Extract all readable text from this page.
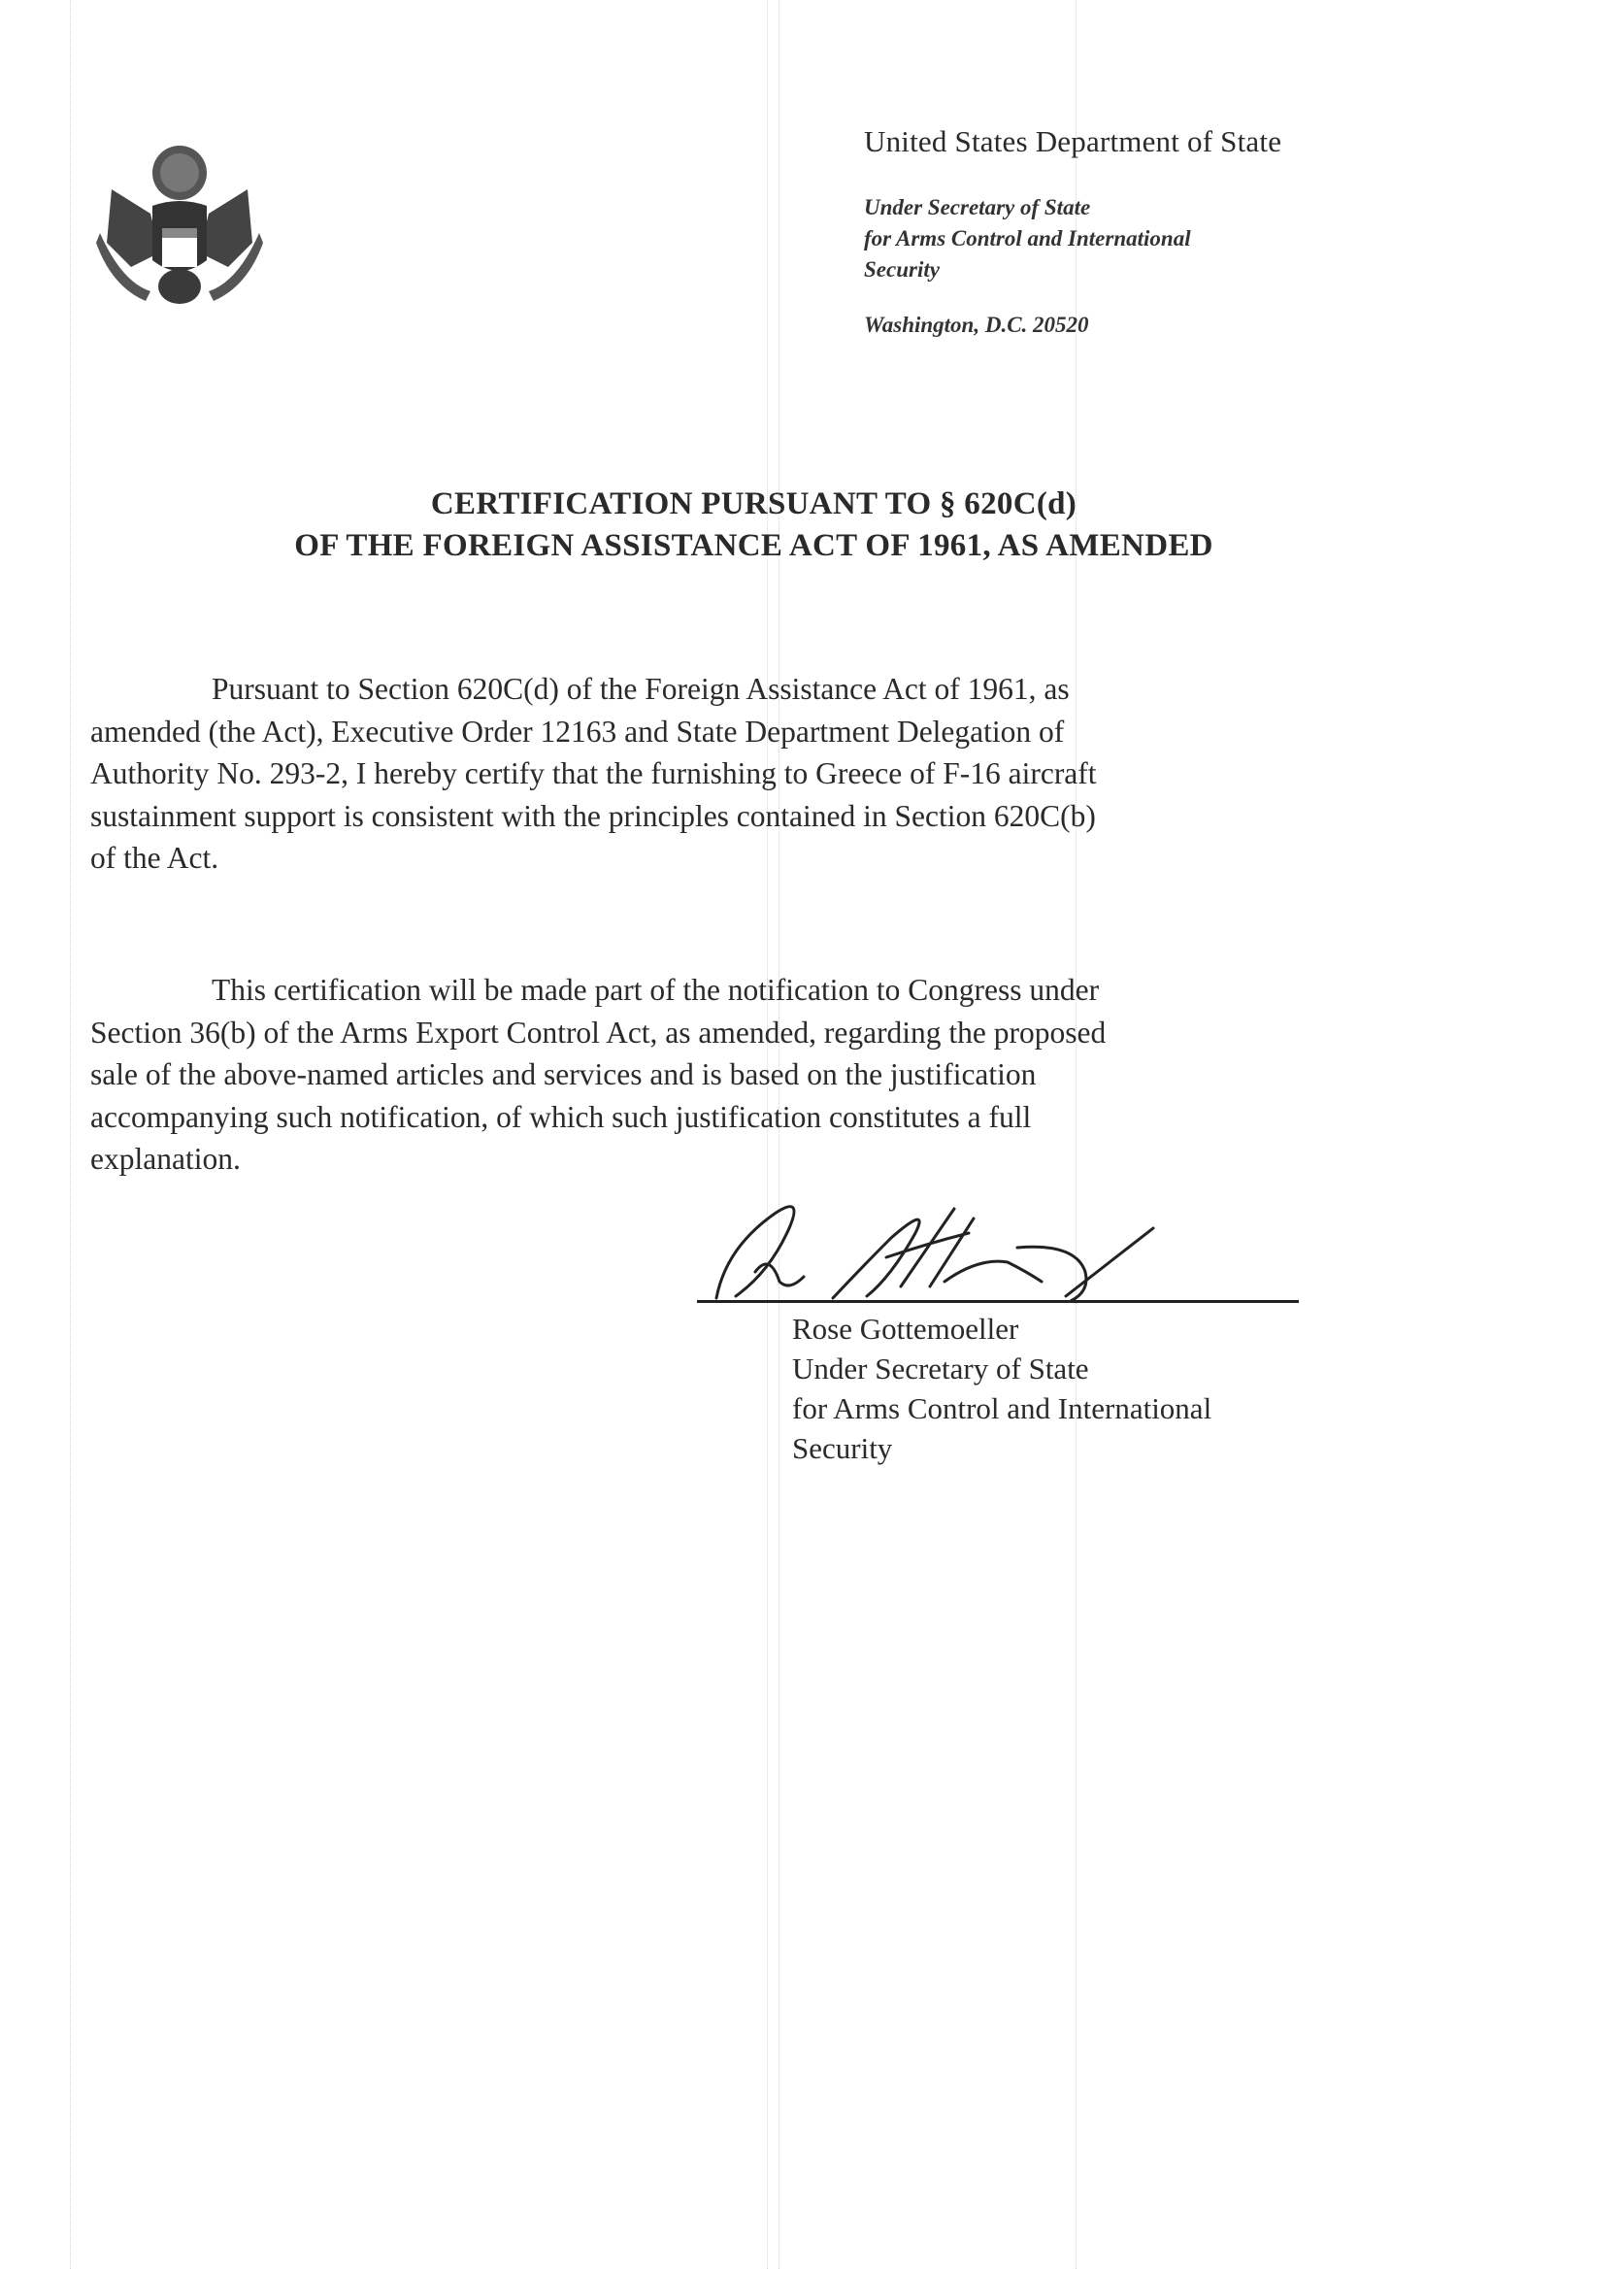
United States Department of State
Under Secretary of State
for Arms Control and International
Security
Washington, D.C. 20520
CERTIFICATION PURSUANT TO § 620C(d)
OF THE FOREIGN ASSISTANCE ACT OF 1961, AS AMENDED

Pursuant to Section 620C(d) of the Foreign Assistance Act of 1961, as

amended (the Act), Executive Order 12163 and State Department Delegation of

Authority No. 293-2, I hereby certify that the furnishing to Greece of F-16 aircraft

sustainment support is consistent with the principles contained in Section 620C(b)

of the Act.

This certification will be made part of the notification to Congress under

Section 36(b) of the Arms Export Control Act, as amended, regarding the proposed

sale of the above-named articles and services and is based on the justification

accompanying such notification, of which such justification constitutes a full

explanation.

Rose Gottemoeller
Under Secretary of State
for Arms Control and International
Security
